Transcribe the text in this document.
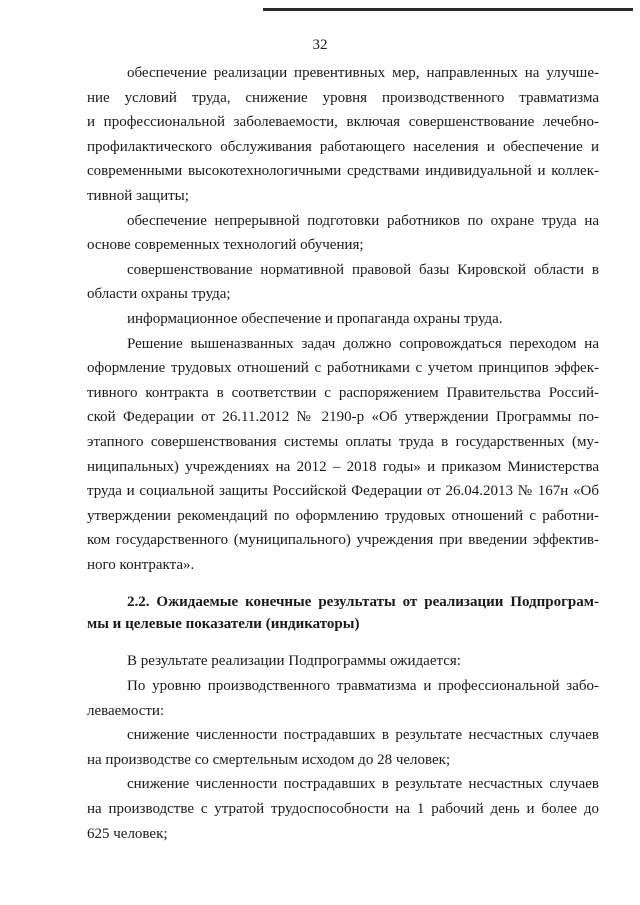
32
обеспечение реализации превентивных мер, направленных на улучше-
ние условий труда, снижение уровня производственного травматизма
и профессиональной заболеваемости, включая совершенствование лечебно-
профилактического обслуживания работающего населения и обеспечение и
современными высокотехнологичными средствами индивидуальной и коллек-
тивной защиты;
обеспечение непрерывной подготовки работников по охране труда на
основе современных технологий обучения;
совершенствование нормативной правовой базы Кировской области в
области охраны труда;
информационное обеспечение и пропаганда охраны труда.
Решение вышеназванных задач должно сопровождаться переходом на
оформление трудовых отношений с работниками с учетом принципов эффек-
тивного контракта в соответствии с распоряжением Правительства Россий-
ской Федерации от 26.11.2012 № 2190-р «Об утверждении Программы по-
этапного совершенствования системы оплаты труда в государственных (му-
ниципальных) учреждениях на 2012 – 2018 годы» и приказом Министерства
труда и социальной защиты Российской Федерации от 26.04.2013 № 167н «Об
утверждении рекомендаций по оформлению трудовых отношений с работни-
ком государственного (муниципального) учреждения при введении эффектив-
ного контракта».
2.2. Ожидаемые конечные результаты от реализации Подпрограм-
мы и целевые показатели (индикаторы)
В результате реализации Подпрограммы ожидается:
По уровню производственного травматизма и профессиональной забо-
леваемости:
снижение численности пострадавших в результате несчастных случаев
на производстве со смертельным исходом до 28 человек;
снижение численности пострадавших в результате несчастных случаев
на производстве с утратой трудоспособности на 1 рабочий день и более до
625 человек;
